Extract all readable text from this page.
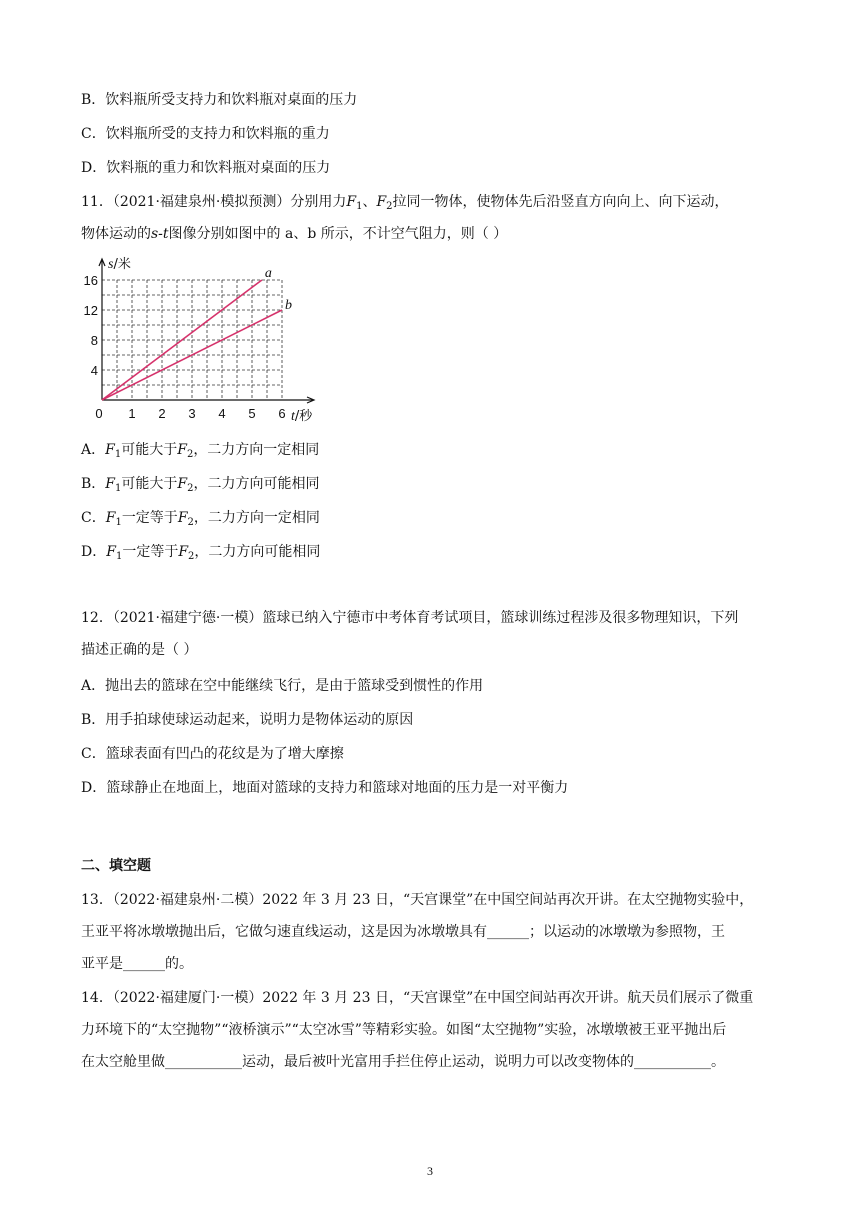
B．饮料瓶所受支持力和饮料瓶对桌面的压力
C．饮料瓶所受的支持力和饮料瓶的重力
D．饮料瓶的重力和饮料瓶对桌面的压力
11．（2021·福建泉州·模拟预测）分别用力$F_1$、$F_2$拉同一物体，使物体先后沿竖直方向向上、向下运动，
物体运动的s-t图像分别如图中的 a、b 所示，不计空气阻力，则（ ）
a
b
1 2 3 4 5 6
4
8
12
16
0
s/米
t/秒
A．$F_1$可能大于$F_2$，二力方向一定相同
B．$F_1$可能大于$F_2$，二力方向可能相同
C．$F_1$一定等于$F_2$，二力方向一定相同
D．$F_1$一定等于$F_2$，二力方向可能相同
12．（2021·福建宁德·一模）篮球已纳入宁德市中考体育考试项目，篮球训练过程涉及很多物理知识，下列
描述正确的是（ ）
A．抛出去的篮球在空中能继续飞行，是由于篮球受到惯性的作用
B．用手拍球使球运动起来，说明力是物体运动的原因
C．篮球表面有凹凸的花纹是为了增大摩擦
D．篮球静止在地面上，地面对篮球的支持力和篮球对地面的压力是一对平衡力
二、填空题
13．（2022·福建泉州·二模）2022 年 3 月 23 日，“天宫课堂”在中国空间站再次开讲。在太空抛物实验中，
王亚平将冰墩墩抛出后，它做匀速直线运动，这是因为冰墩墩具有______；以运动的冰墩墩为参照物，王
亚平是______的。
14．（2022·福建厦门·一模）2022 年 3 月 23 日，“天宫课堂”在中国空间站再次开讲。航天员们展示了微重
力环境下的“太空抛物”“液桥演示”“太空冰雪”等精彩实验。如图“太空抛物”实验，冰墩墩被王亚平抛出后
在太空舱里做___________运动，最后被叶光富用手拦住停止运动，说明力可以改变物体的___________。
3
